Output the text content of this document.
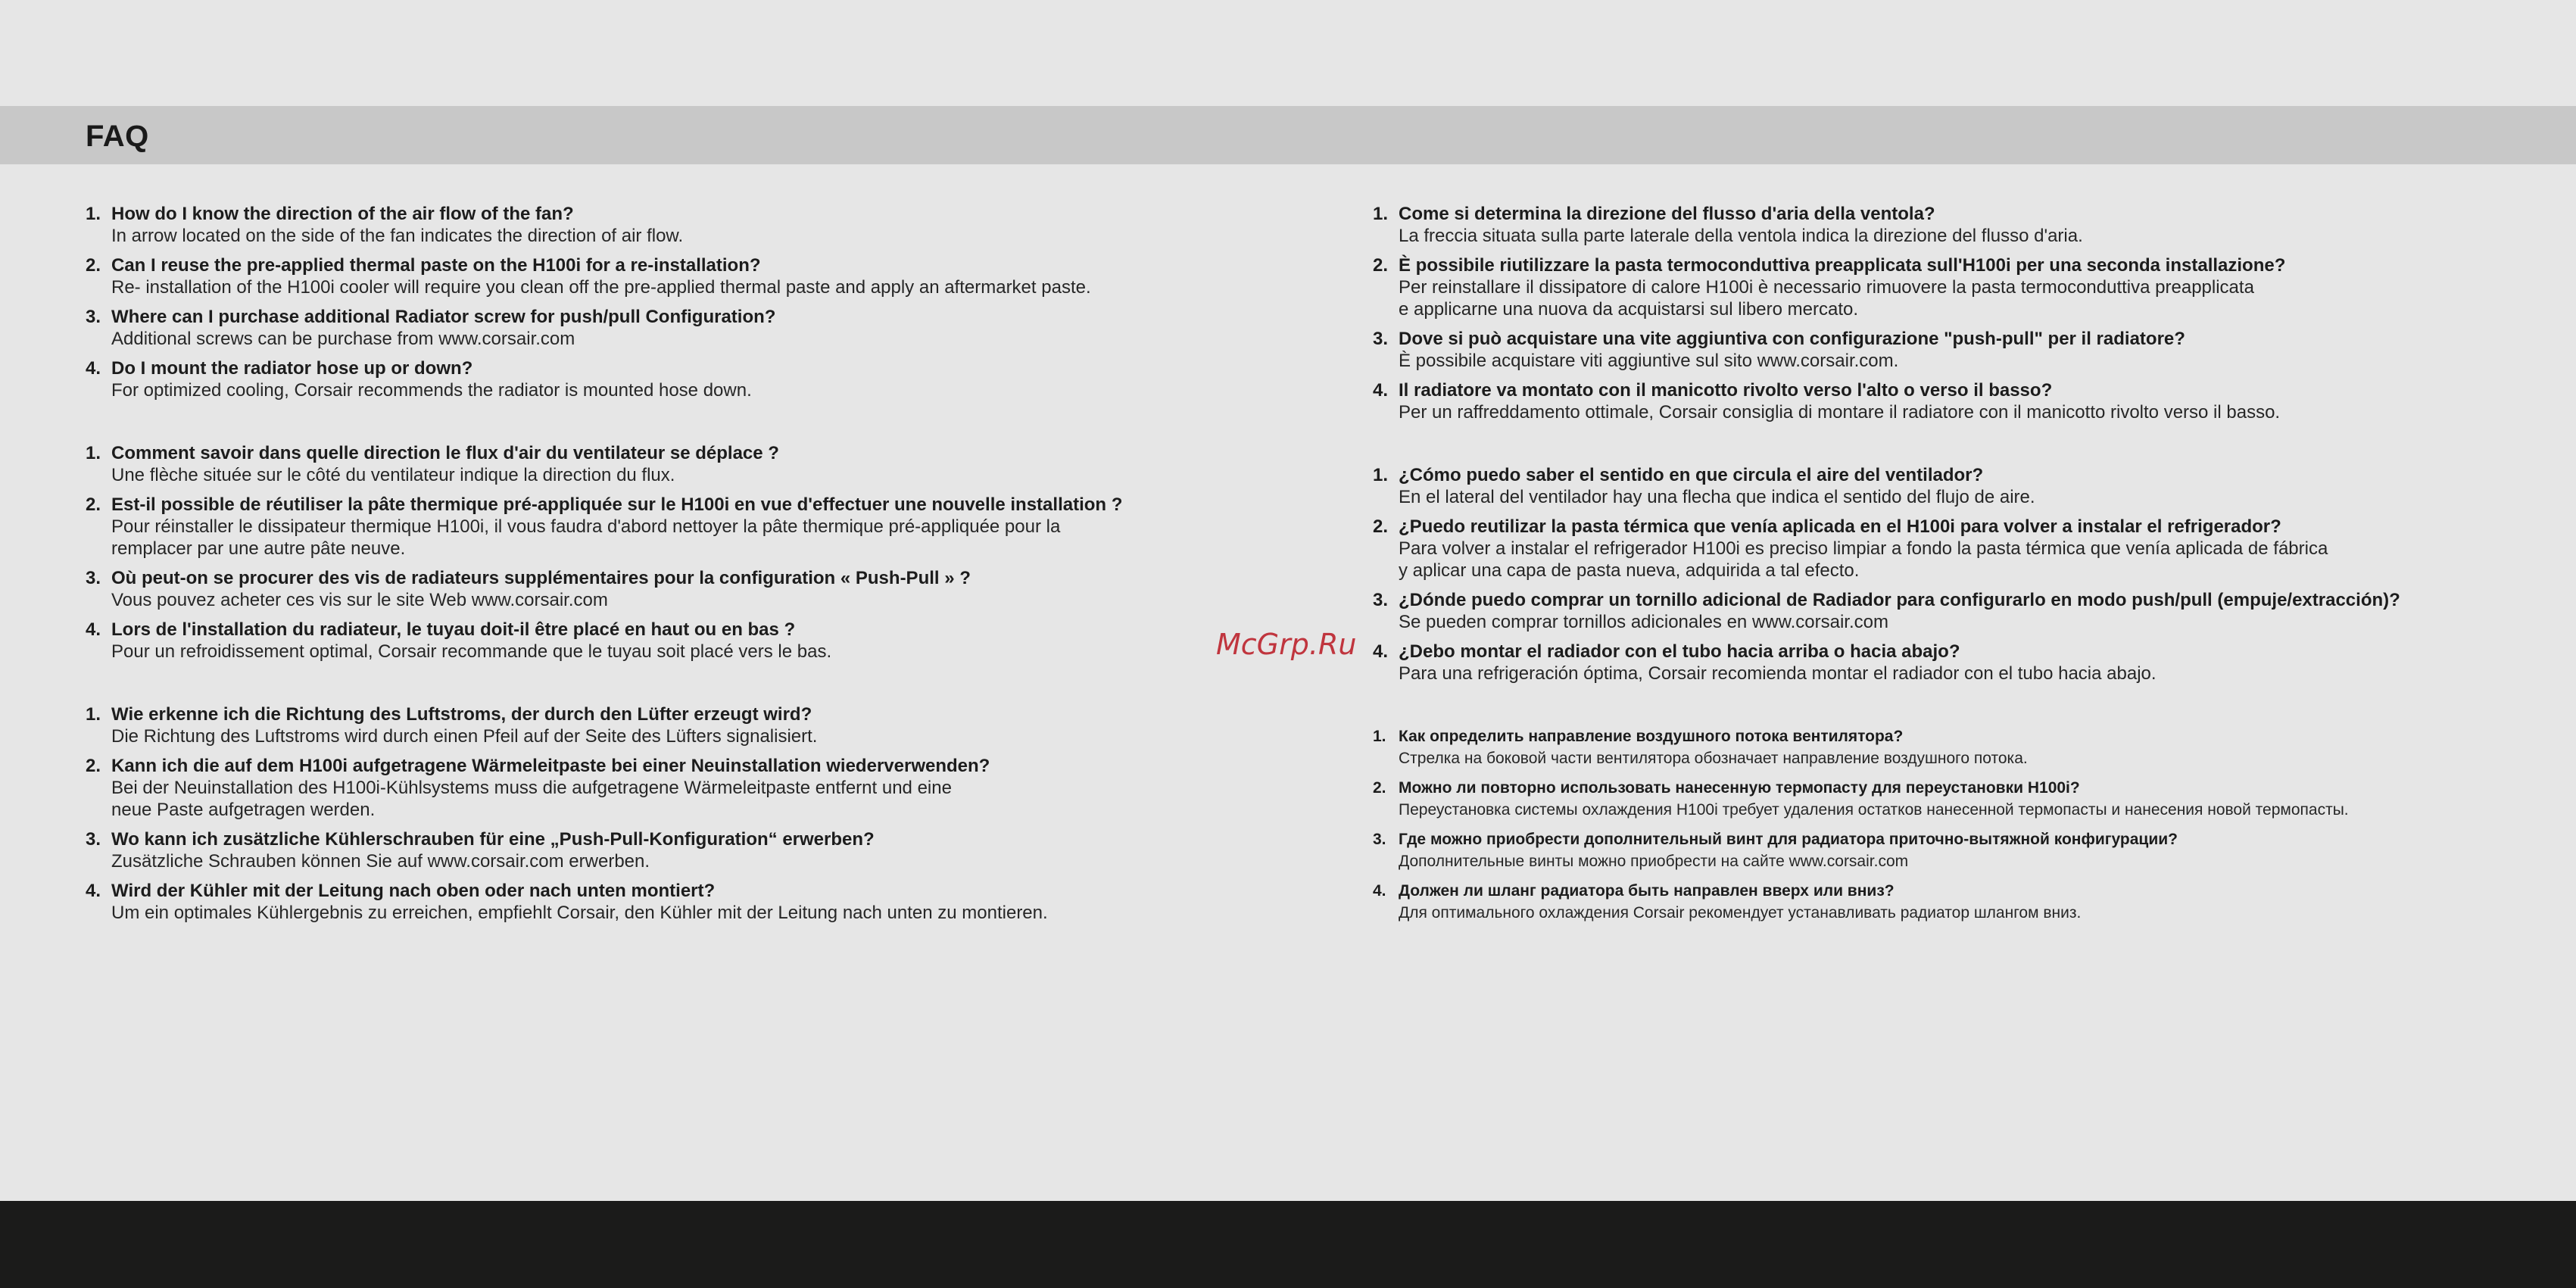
FAQ
1. How do I know the direction of the air flow of the fan?
In arrow located on the side of the fan indicates the direction of air flow.
2. Can I reuse the pre-applied thermal paste on the H100i for a re-installation?
Re- installation of the H100i cooler will require you clean off the pre-applied thermal paste and apply an aftermarket paste.
3. Where can I purchase additional Radiator screw for push/pull Configuration?
Additional screws can be purchase from www.corsair.com
4. Do I mount the radiator hose up or down?
For optimized cooling, Corsair recommends the radiator is mounted hose down.
1. Comment savoir dans quelle direction le flux d'air du ventilateur se déplace ?
Une flèche située sur le côté du ventilateur indique la direction du flux.
2. Est-il possible de réutiliser la pâte thermique pré-appliquée sur le H100i en vue d'effectuer une nouvelle installation ?
Pour réinstaller le dissipateur thermique H100i, il vous faudra d'abord nettoyer la pâte thermique pré-appliquée pour la
remplacer par une autre pâte neuve.
3. Où peut-on se procurer des vis de radiateurs supplémentaires pour la configuration « Push-Pull » ?
Vous pouvez acheter ces vis sur le site Web www.corsair.com
4. Lors de l'installation du radiateur, le tuyau doit-il être placé en haut ou en bas ?
Pour un refroidissement optimal, Corsair recommande que le tuyau soit placé vers le bas.
1. Wie erkenne ich die Richtung des Luftstroms, der durch den Lüfter erzeugt wird?
Die Richtung des Luftstroms wird durch einen Pfeil auf der Seite des Lüfters signalisiert.
2. Kann ich die auf dem H100i aufgetragene Wärmeleitpaste bei einer Neuinstallation wiederverwenden?
Bei der Neuinstallation des H100i-Kühlsystems muss die aufgetragene Wärmeleitpaste entfernt und eine
neue Paste aufgetragen werden.
3. Wo kann ich zusätzliche Kühlerschrauben für eine „Push-Pull-Konfiguration“ erwerben?
Zusätzliche Schrauben können Sie auf www.corsair.com erwerben.
4. Wird der Kühler mit der Leitung nach oben oder nach unten montiert?
Um ein optimales Kühlergebnis zu erreichen, empfiehlt Corsair, den Kühler mit der Leitung nach unten zu montieren.
1. Come si determina la direzione del flusso d'aria della ventola?
La freccia situata sulla parte laterale della ventola indica la direzione del flusso d'aria.
2. È possibile riutilizzare la pasta termoconduttiva preapplicata sull'H100i per una seconda installazione?
Per reinstallare il dissipatore di calore H100i è necessario rimuovere la pasta termoconduttiva preapplicata
e applicarne una nuova da acquistarsi sul libero mercato.
3. Dove si può acquistare una vite aggiuntiva con configurazione "push-pull" per il radiatore?
È possibile acquistare viti aggiuntive sul sito www.corsair.com.
4. Il radiatore va montato con il manicotto rivolto verso l'alto o verso il basso?
Per un raffreddamento ottimale, Corsair consiglia di montare il radiatore con il manicotto rivolto verso il basso.
1. ¿Cómo puedo saber el sentido en que circula el aire del ventilador?
En el lateral del ventilador hay una flecha que indica el sentido del flujo de aire.
2. ¿Puedo reutilizar la pasta térmica que venía aplicada en el H100i para volver a instalar el refrigerador?
Para volver a instalar el refrigerador H100i es preciso limpiar a fondo la pasta térmica que venía aplicada de fábrica
y aplicar una capa de pasta nueva, adquirida a tal efecto.
3. ¿Dónde puedo comprar un tornillo adicional de Radiador para configurarlo en modo push/pull (empuje/extracción)?
Se pueden comprar tornillos adicionales en www.corsair.com
4. ¿Debo montar el radiador con el tubo hacia arriba o hacia abajo?
Para una refrigeración óptima, Corsair recomienda montar el radiador con el tubo hacia abajo.
1. Как определить направление воздушного потока вентилятора?
Стрелка на боковой части вентилятора обозначает направление воздушного потока.
2. Можно ли повторно использовать нанесенную термопасту для переустановки H100i?
Переустановка системы охлаждения H100i требует удаления остатков нанесенной термопасты и нанесения новой термопасты.
3. Где можно приобрести дополнительный винт для радиатора приточно-вытяжной конфигурации?
Дополнительные винты можно приобрести на сайте www.corsair.com
4. Должен ли шланг радиатора быть направлен вверх или вниз?
Для оптимального охлаждения Corsair рекомендует устанавливать радиатор шлангом вниз.
McGrp.Ru
